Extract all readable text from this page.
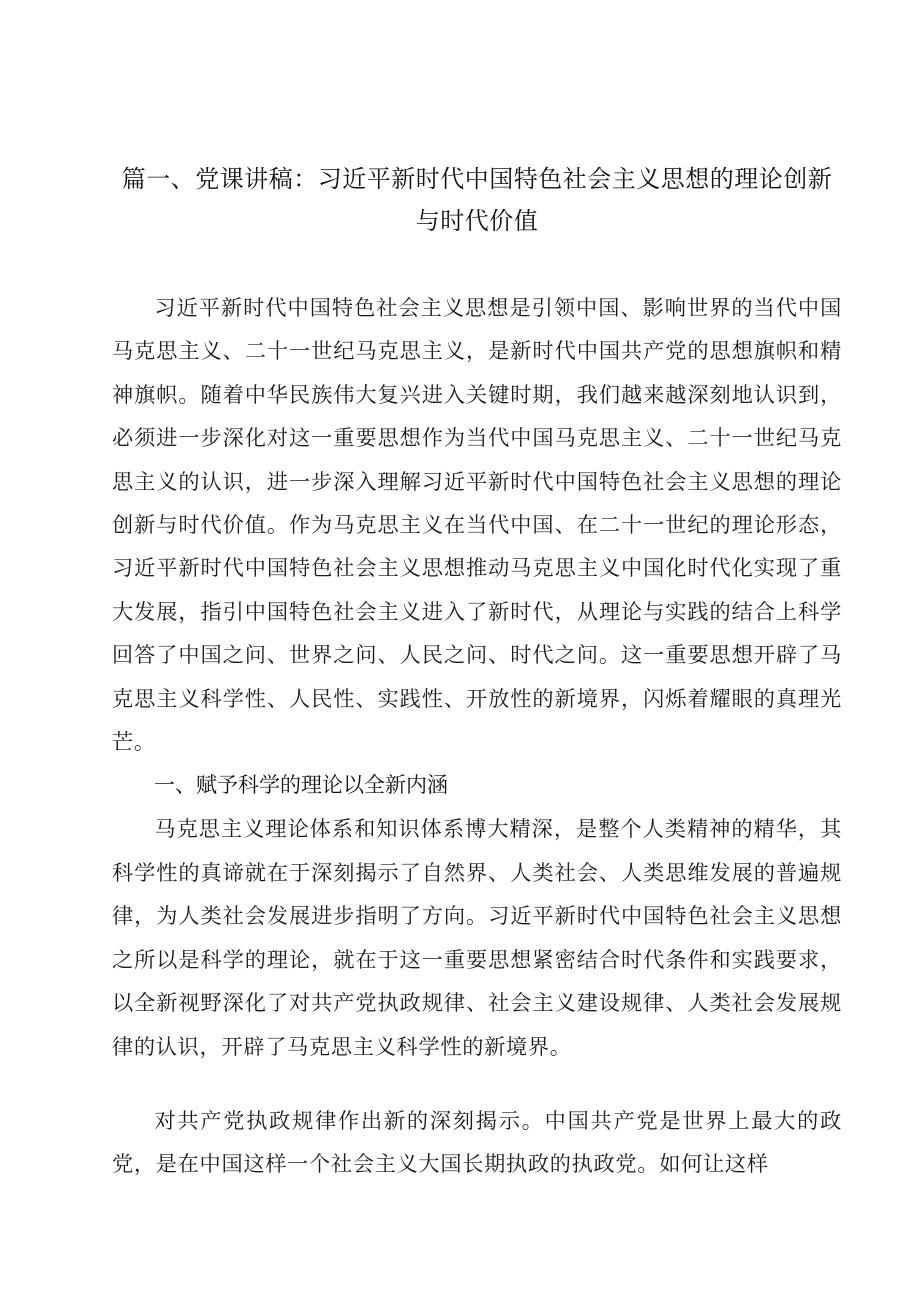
篇一、党课讲稿：习近平新时代中国特色社会主义思想的理论创新
与时代价值

习近平新时代中国特色社会主义思想是引领中国、影响世界的当代中国马克思主义、二十一世纪马克思主义，是新时代中国共产党的思想旗帜和精神旗帜。随着中华民族伟大复兴进入关键时期，我们越来越深刻地认识到，必须进一步深化对这一重要思想作为当代中国马克思主义、二十一世纪马克思主义的认识，进一步深入理解习近平新时代中国特色社会主义思想的理论创新与时代价值。作为马克思主义在当代中国、在二十一世纪的理论形态，习近平新时代中国特色社会主义思想推动马克思主义中国化时代化实现了重大发展，指引中国特色社会主义进入了新时代，从理论与实践的结合上科学回答了中国之问、世界之问、人民之问、时代之问。这一重要思想开辟了马克思主义科学性、人民性、实践性、开放性的新境界，闪烁着耀眼的真理光芒。

一、赋予科学的理论以全新内涵

马克思主义理论体系和知识体系博大精深，是整个人类精神的精华，其科学性的真谛就在于深刻揭示了自然界、人类社会、人类思维发展的普遍规律，为人类社会发展进步指明了方向。习近平新时代中国特色社会主义思想之所以是科学的理论，就在于这一重要思想紧密结合时代条件和实践要求，以全新视野深化了对共产党执政规律、社会主义建设规律、人类社会发展规律的认识，开辟了马克思主义科学性的新境界。

对共产党执政规律作出新的深刻揭示。中国共产党是世界上最大的政党，是在中国这样一个社会主义大国长期执政的执政党。如何让这样
